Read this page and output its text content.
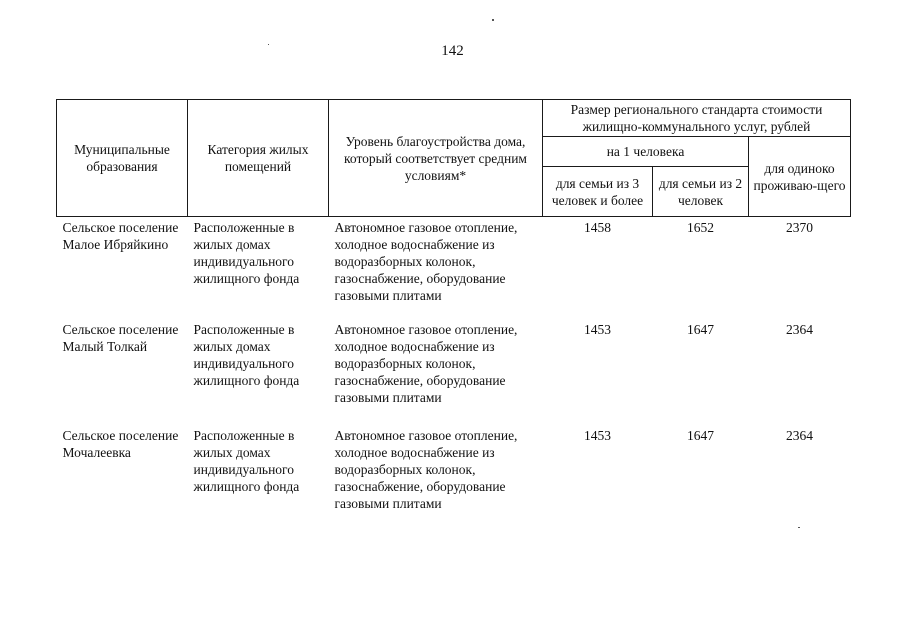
142
Муниципальные образования	Категория жилых помещений	Уровень благоустройства дома, который соответствует средним условиям*	Размер регионального стандарта стоимости жилищно-коммунального услуг, рублей		
			на 1 человека		для одиноко проживаю-щего
			для семьи из 3 человек и более	для семьи из 2 человек	
Сельское поселение Малое Ибряйкино	Расположенные в жилых домах индивидуального жилищного фонда	Автономное газовое отопление, холодное водоснабжение из водоразборных колонок, газоснабжение, оборудование газовыми плитами	1458	1652	2370
Сельское поселение Малый Толкай	Расположенные в жилых домах индивидуального жилищного фонда	Автономное газовое отопление, холодное водоснабжение из водоразборных колонок, газоснабжение, оборудование газовыми плитами	1453	1647	2364
Сельское поселение Мочалеевка	Расположенные в жилых домах индивидуального жилищного фонда	Автономное газовое отопление, холодное водоснабжение из водоразборных колонок, газоснабжение, оборудование газовыми плитами	1453	1647	2364
